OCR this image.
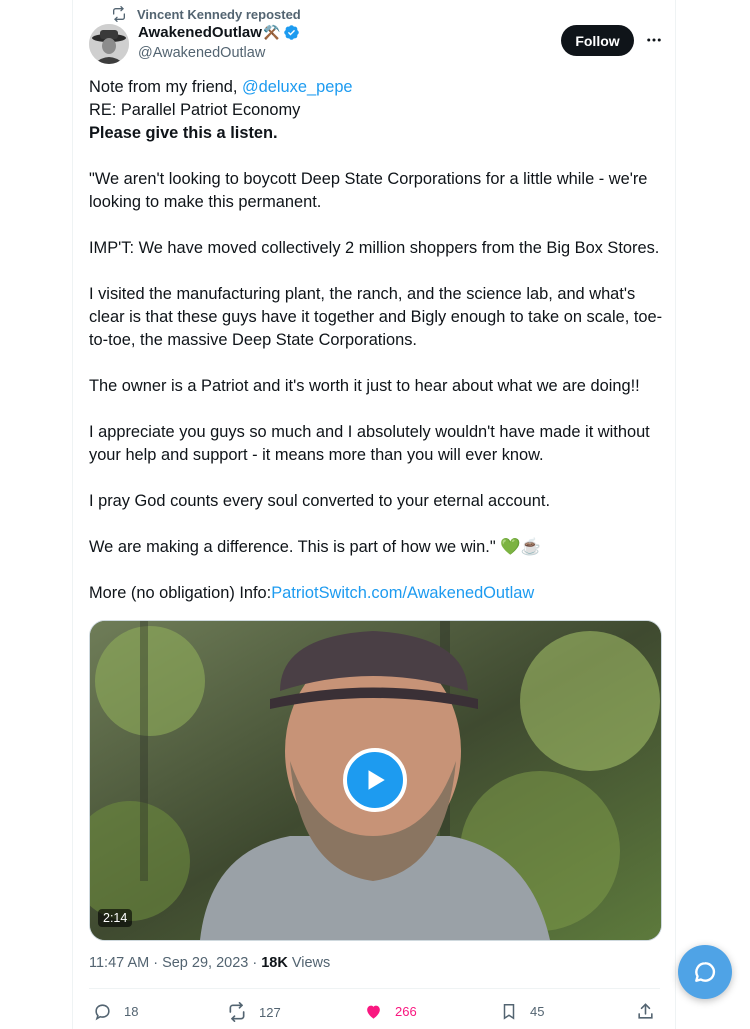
Vincent Kennedy reposted
AwakenedOutlaw ⚒️
@AwakenedOutlaw
Follow

Note from my friend, @deluxe_pepe

RE: Parallel Patriot Economy

Please give this a listen.

"We aren't looking to boycott Deep State Corporations for a little while - we're looking to make this permanent.

IMP'T: We have moved collectively 2 million shoppers from the Big Box Stores.

I visited the manufacturing plant, the ranch, and the science lab, and what's clear is that these guys have it together and Bigly enough to take on scale, toe-to-toe, the massive Deep State Corporations.

The owner is a Patriot and it's worth it just to hear about what we are doing!!

I appreciate you guys so much and I absolutely wouldn't have made it without your help and support - it means more than you will ever know.

I pray God counts every soul converted to your eternal account.

We are making a difference. This is part of how we win." 💚☕

More (no obligation) Info:PatriotSwitch.com/AwakenedOutlaw

2:14
11:47 AM · Sep 29, 2023 · 18K Views
18	127	266	45
